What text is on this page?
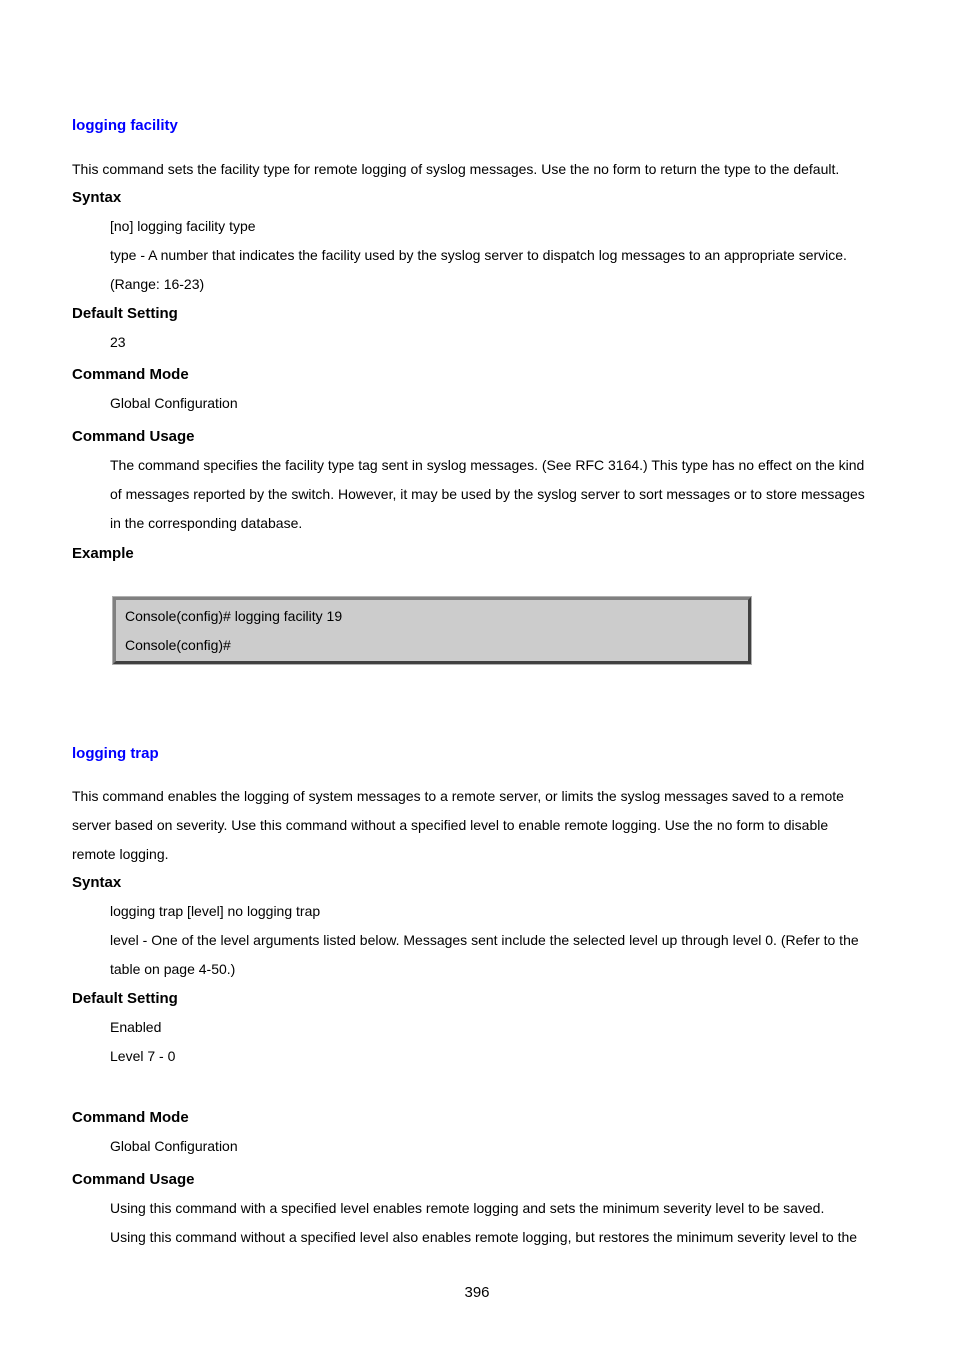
logging facility
This command sets the facility type for remote logging of syslog messages. Use the no form to return the type to the default.
Syntax
[no] logging facility type
type - A number that indicates the facility used by the syslog server to dispatch log messages to an appropriate service.
(Range: 16-23)
Default Setting
23
Command Mode
Global Configuration
Command Usage
The command specifies the facility type tag sent in syslog messages. (See RFC 3164.) This type has no effect on the kind
of messages reported by the switch. However, it may be used by the syslog server to sort messages or to store messages
in the corresponding database.
Example
Console(config)# logging facility 19
Console(config)#
logging trap
This command enables the logging of system messages to a remote server, or limits the syslog messages saved to a remote
server based on severity. Use this command without a specified level to enable remote logging. Use the no form to disable
remote logging.
Syntax
logging trap [level] no logging trap
level - One of the level arguments listed below. Messages sent include the selected level up through level 0. (Refer to the
table on page 4-50.)
Default Setting
Enabled
Level 7 - 0
Command Mode
Global Configuration
Command Usage
Using this command with a specified level enables remote logging and sets the minimum severity level to be saved.
Using this command without a specified level also enables remote logging, but restores the minimum severity level to the
396
